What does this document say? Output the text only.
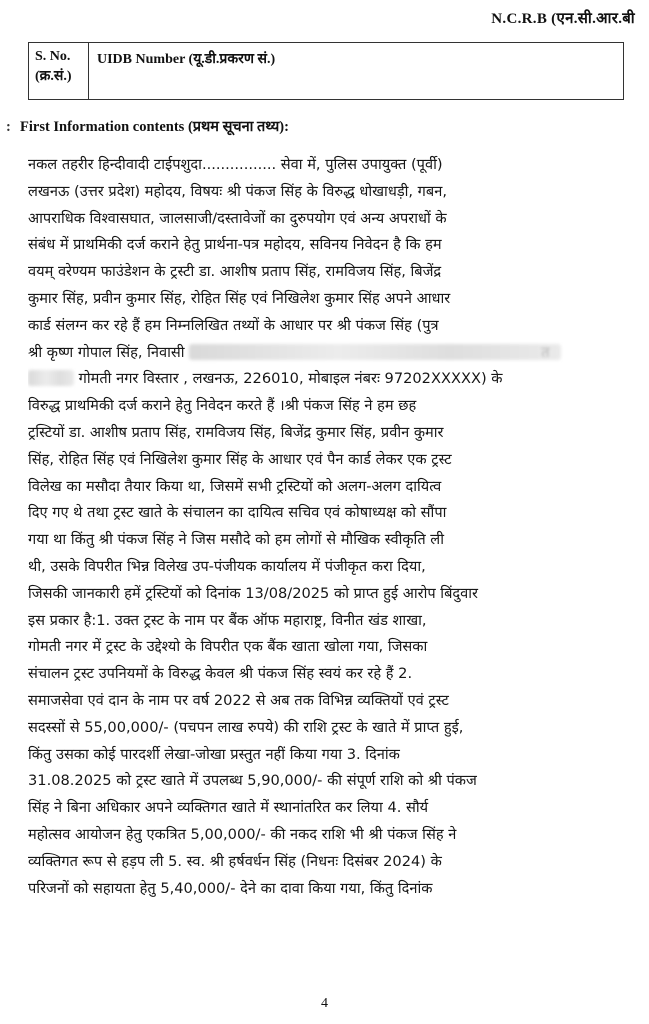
N.C.R.B (एन.सी.आर.बी
S. No.
(क्र.सं.)
UIDB Number (यू.डी.प्रकरण सं.)
: First Information contents (प्रथम सूचना तथ्य):
नकल तहरीर हिन्दीवादी टाईपशुदा................ सेवा में, पुलिस उपायुक्त (पूर्वी)
लखनऊ (उत्तर प्रदेश) महोदय, विषयः श्री पंकज सिंह के विरुद्ध धोखाधड़ी, गबन,
आपराधिक विश्वासघात, जालसाजी/दस्तावेजों का दुरुपयोग एवं अन्य अपराधों के
संबंध में प्राथमिकी दर्ज कराने हेतु प्रार्थना-पत्र महोदय, सविनय निवेदन है कि हम
वयम् वरेण्यम फाउंडेशन के ट्रस्टी डा. आशीष प्रताप सिंह, रामविजय सिंह, बिजेंद्र
कुमार सिंह, प्रवीन कुमार सिंह, रोहित सिंह एवं निखिलेश कुमार सिंह अपने आधार
कार्ड संलग्न कर रहे हैं हम निम्नलिखित तथ्यों के आधार पर श्री पंकज सिंह (पुत्र
श्री कृष्ण गोपाल सिंह, निवासी	त
गोमती नगर विस्तार , लखनऊ, 226010, मोबाइल नंबरः 97202XXXXX) के
विरुद्ध प्राथमिकी दर्ज कराने हेतु निवेदन करते हैं ।श्री पंकज सिंह ने हम छह
ट्रस्टियों डा. आशीष प्रताप सिंह, रामविजय सिंह, बिजेंद्र कुमार सिंह, प्रवीन कुमार
सिंह, रोहित सिंह एवं निखिलेश कुमार सिंह के आधार एवं पैन कार्ड लेकर एक ट्रस्ट
विलेख का मसौदा तैयार किया था, जिसमें सभी ट्रस्टियों को अलग-अलग दायित्व
दिए गए थे तथा ट्रस्ट खाते के संचालन का दायित्व सचिव एवं कोषाध्यक्ष को सौंपा
गया था किंतु श्री पंकज सिंह ने जिस मसौदे को हम लोगों से मौखिक स्वीकृति ली
थी, उसके विपरीत भिन्न विलेख उप-पंजीयक कार्यालय में पंजीकृत करा दिया,
जिसकी जानकारी हमें ट्रस्टियों को दिनांक 13/08/2025 को प्राप्त हुई आरोप बिंदुवार
इस प्रकार है:1. उक्त ट्रस्ट के नाम पर बैंक ऑफ महाराष्ट्र, विनीत खंड शाखा,
गोमती नगर में ट्रस्ट के उद्देश्यो के विपरीत एक बैंक खाता खोला गया, जिसका
संचालन ट्रस्ट उपनियमों के विरुद्ध केवल श्री पंकज सिंह स्वयं कर रहे हैं 2.
समाजसेवा एवं दान के नाम पर वर्ष 2022 से अब तक विभिन्न व्यक्तियों एवं ट्रस्ट
सदस्सों से 55,00,000/- (पचपन लाख रुपये) की राशि ट्रस्ट के खाते में प्राप्त हुई,
किंतु उसका कोई पारदर्शी लेखा-जोखा प्रस्तुत नहीं किया गया 3. दिनांक
31.08.2025 को ट्रस्ट खाते में उपलब्ध 5,90,000/- की संपूर्ण राशि को श्री पंकज
सिंह ने बिना अधिकार अपने व्यक्तिगत खाते में स्थानांतरित कर लिया 4. सौर्य
महोत्सव आयोजन हेतु एकत्रित 5,00,000/- की नकद राशि भी श्री पंकज सिंह ने
व्यक्तिगत रूप से हड़प ली 5. स्व. श्री हर्षवर्धन सिंह (निधनः दिसंबर 2024) के
परिजनों को सहायता हेतु 5,40,000/- देने का दावा किया गया, किंतु दिनांक
4
